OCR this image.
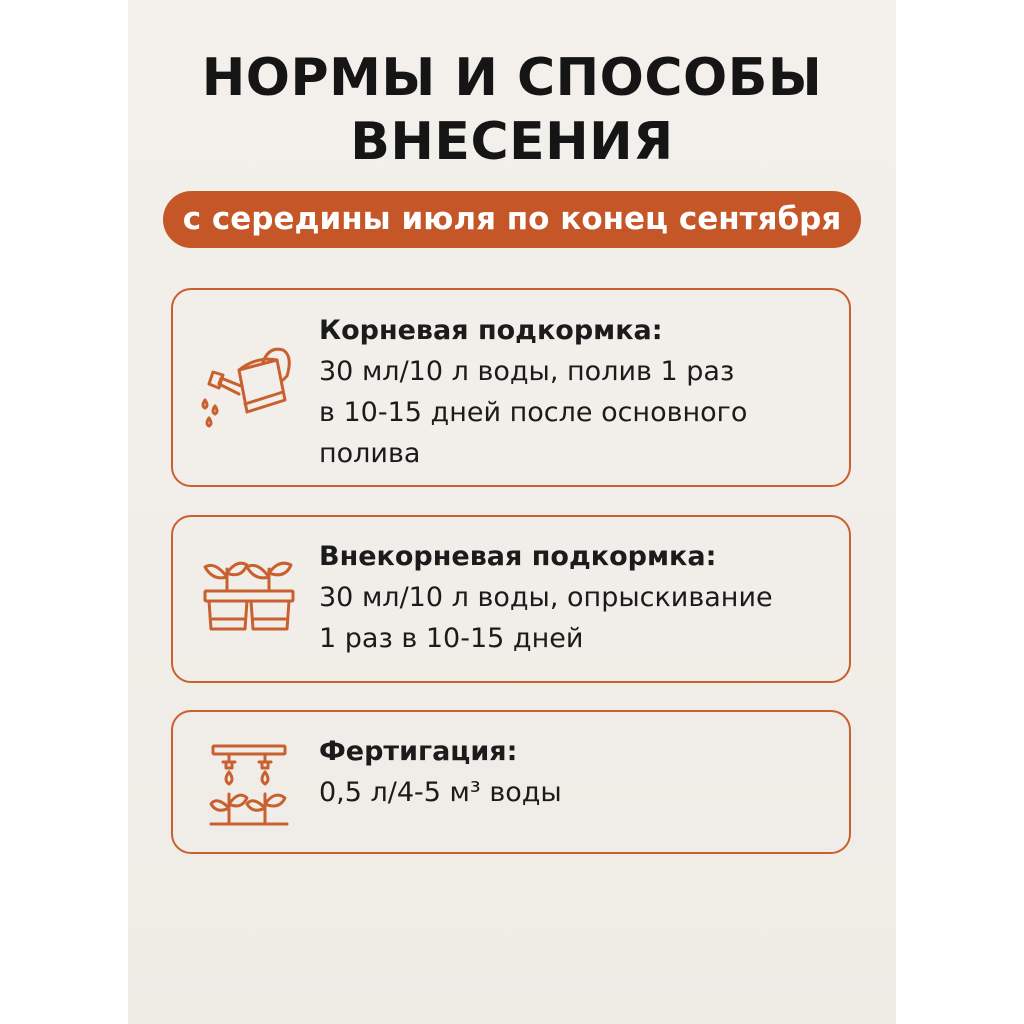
НОРМЫ И СПОСОБЫ
ВНЕСЕНИЯ
с середины июля по конец сентября
Корневая подкормка:
30 мл/10 л воды, полив 1 раз
в 10-15 дней после основного
полива
Внекорневая подкормка:
30 мл/10 л воды, опрыскивание
1 раз в 10-15 дней
Фертигация:
0,5 л/4-5 м³ воды
